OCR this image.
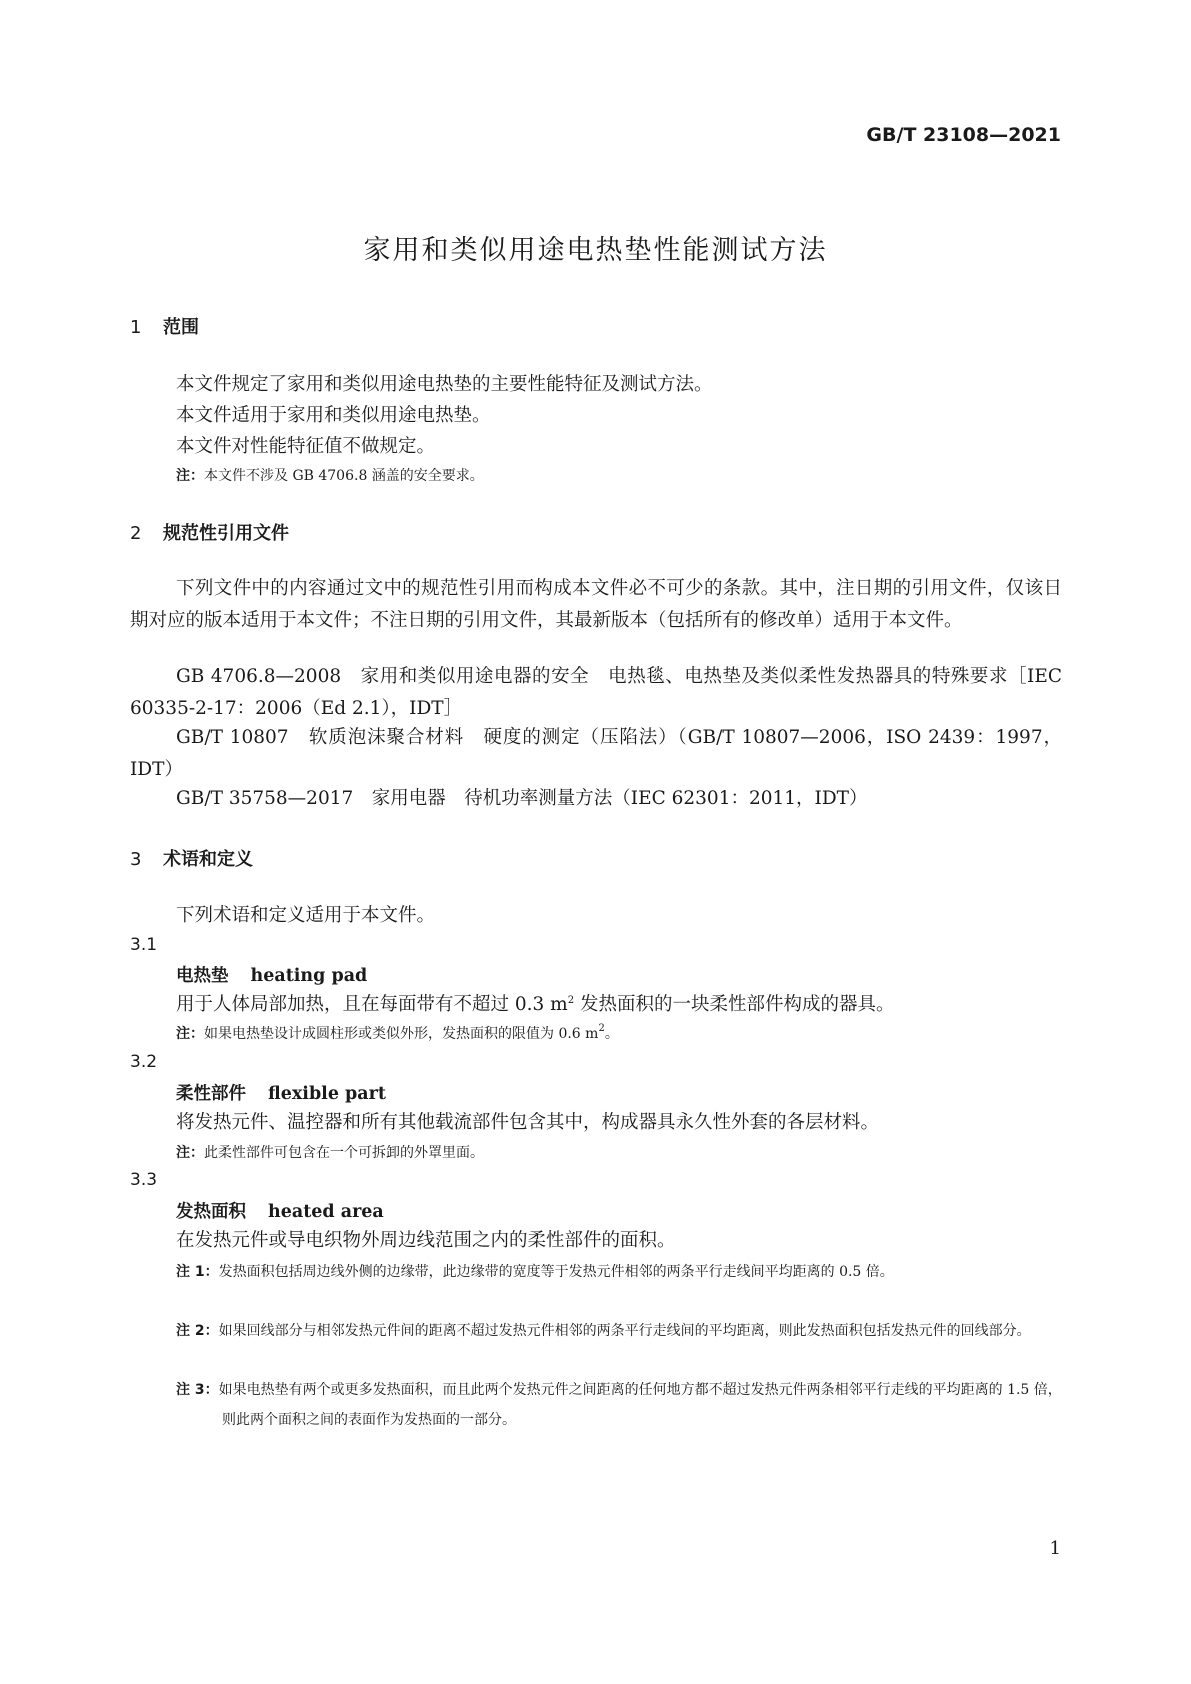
GB/T 23108—2021
家用和类似用途电热垫性能测试方法
1 范围
本文件规定了家用和类似用途电热垫的主要性能特征及测试方法。
本文件适用于家用和类似用途电热垫。
本文件对性能特征值不做规定。
注：本文件不涉及 GB 4706.8 涵盖的安全要求。
2 规范性引用文件
下列文件中的内容通过文中的规范性引用而构成本文件必不可少的条款。其中，注日期的引用文件，仅该日期对应的版本适用于本文件；不注日期的引用文件，其最新版本（包括所有的修改单）适用于本文件。
GB 4706.8—2008　家用和类似用途电器的安全　电热毯、电热垫及类似柔性发热器具的特殊要求［IEC 60335-2-17：2006（Ed 2.1），IDT］
GB/T 10807　软质泡沫聚合材料　硬度的测定（压陷法）（GB/T 10807—2006，ISO 2439：1997，IDT）
GB/T 35758—2017　家用电器　待机功率测量方法（IEC 62301：2011，IDT）
3 术语和定义
下列术语和定义适用于本文件。
3.1
电热垫 heating pad
用于人体局部加热，且在每面带有不超过 0.3 $m^2$ 发热面积的一块柔性部件构成的器具。
注：如果电热垫设计成圆柱形或类似外形，发热面积的限值为 0.6 $m^2$。
3.2
柔性部件 flexible part
将发热元件、温控器和所有其他载流部件包含其中，构成器具永久性外套的各层材料。
注：此柔性部件可包含在一个可拆卸的外罩里面。
3.3
发热面积 heated area
在发热元件或导电织物外周边线范围之内的柔性部件的面积。
注 1：发热面积包括周边线外侧的边缘带，此边缘带的宽度等于发热元件相邻的两条平行走线间平均距离的 0.5 倍。
注 2：如果回线部分与相邻发热元件间的距离不超过发热元件相邻的两条平行走线间的平均距离，则此发热面积包括发热元件的回线部分。
注 3：如果电热垫有两个或更多发热面积，而且此两个发热元件之间距离的任何地方都不超过发热元件两条相邻平行走线的平均距离的 1.5 倍，则此两个面积之间的表面作为发热面的一部分。
1
